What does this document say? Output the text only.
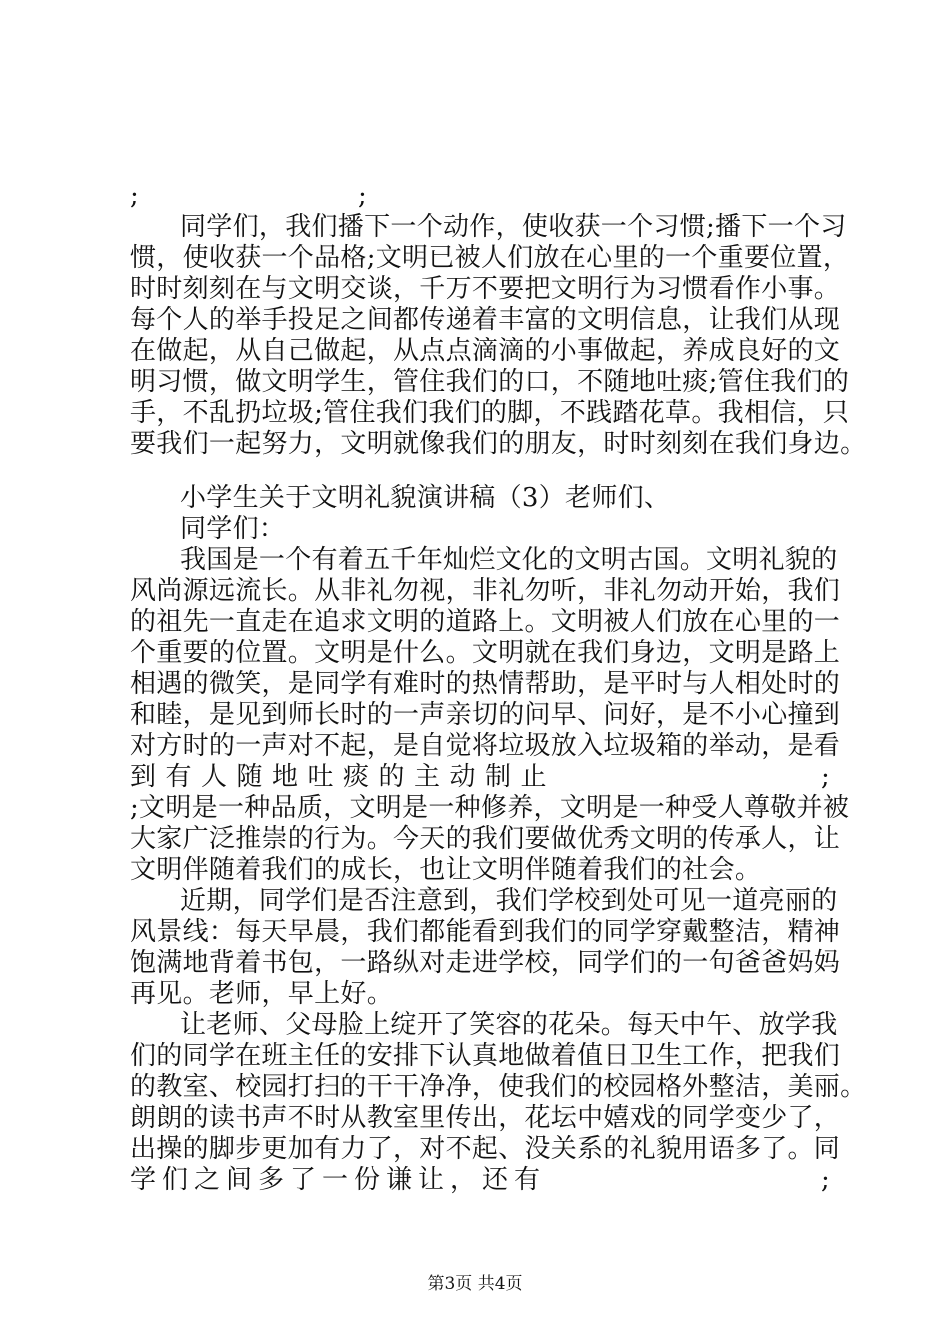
;	;
同学们，我们播下一个动作，使收获一个习惯;播下一个习
惯，使收获一个品格;文明已被人们放在心里的一个重要位置，
时时刻刻在与文明交谈，千万不要把文明行为习惯看作小事。
每个人的举手投足之间都传递着丰富的文明信息，让我们从现
在做起，从自己做起，从点点滴滴的小事做起，养成良好的文
明习惯，做文明学生，管住我们的口，不随地吐痰;管住我们的
手，不乱扔垃圾;管住我们我们的脚，不践踏花草。我相信，只
要我们一起努力，文明就像我们的朋友，时时刻刻在我们身边。
小学生关于文明礼貌演讲稿（3）老师们、
同学们：
我国是一个有着五千年灿烂文化的文明古国。文明礼貌的
风尚源远流长。从非礼勿视，非礼勿听，非礼勿动开始，我们
的祖先一直走在追求文明的道路上。文明被人们放在心里的一
个重要的位置。文明是什么。文明就在我们身边，文明是路上
相遇的微笑，是同学有难时的热情帮助，是平时与人相处时的
和睦，是见到师长时的一声亲切的问早、问好，是不小心撞到
对方时的一声对不起，是自觉将垃圾放入垃圾箱的举动，是看
到有人随地吐痰的主动制止	;
;文明是一种品质，文明是一种修养，文明是一种受人尊敬并被
大家广泛推崇的行为。今天的我们要做优秀文明的传承人，让
文明伴随着我们的成长，也让文明伴随着我们的社会。
近期，同学们是否注意到，我们学校到处可见一道亮丽的
风景线：每天早晨，我们都能看到我们的同学穿戴整洁，精神
饱满地背着书包，一路纵对走进学校，同学们的一句爸爸妈妈
再见。老师，早上好。
让老师、父母脸上绽开了笑容的花朵。每天中午、放学我
们的同学在班主任的安排下认真地做着值日卫生工作，把我们
的教室、校园打扫的干干净净，使我们的校园格外整洁，美丽。
朗朗的读书声不时从教室里传出，花坛中嬉戏的同学变少了，
出操的脚步更加有力了，对不起、没关系的礼貌用语多了。同
学们之间多了一份谦让，还有	;
第3页 共4页
